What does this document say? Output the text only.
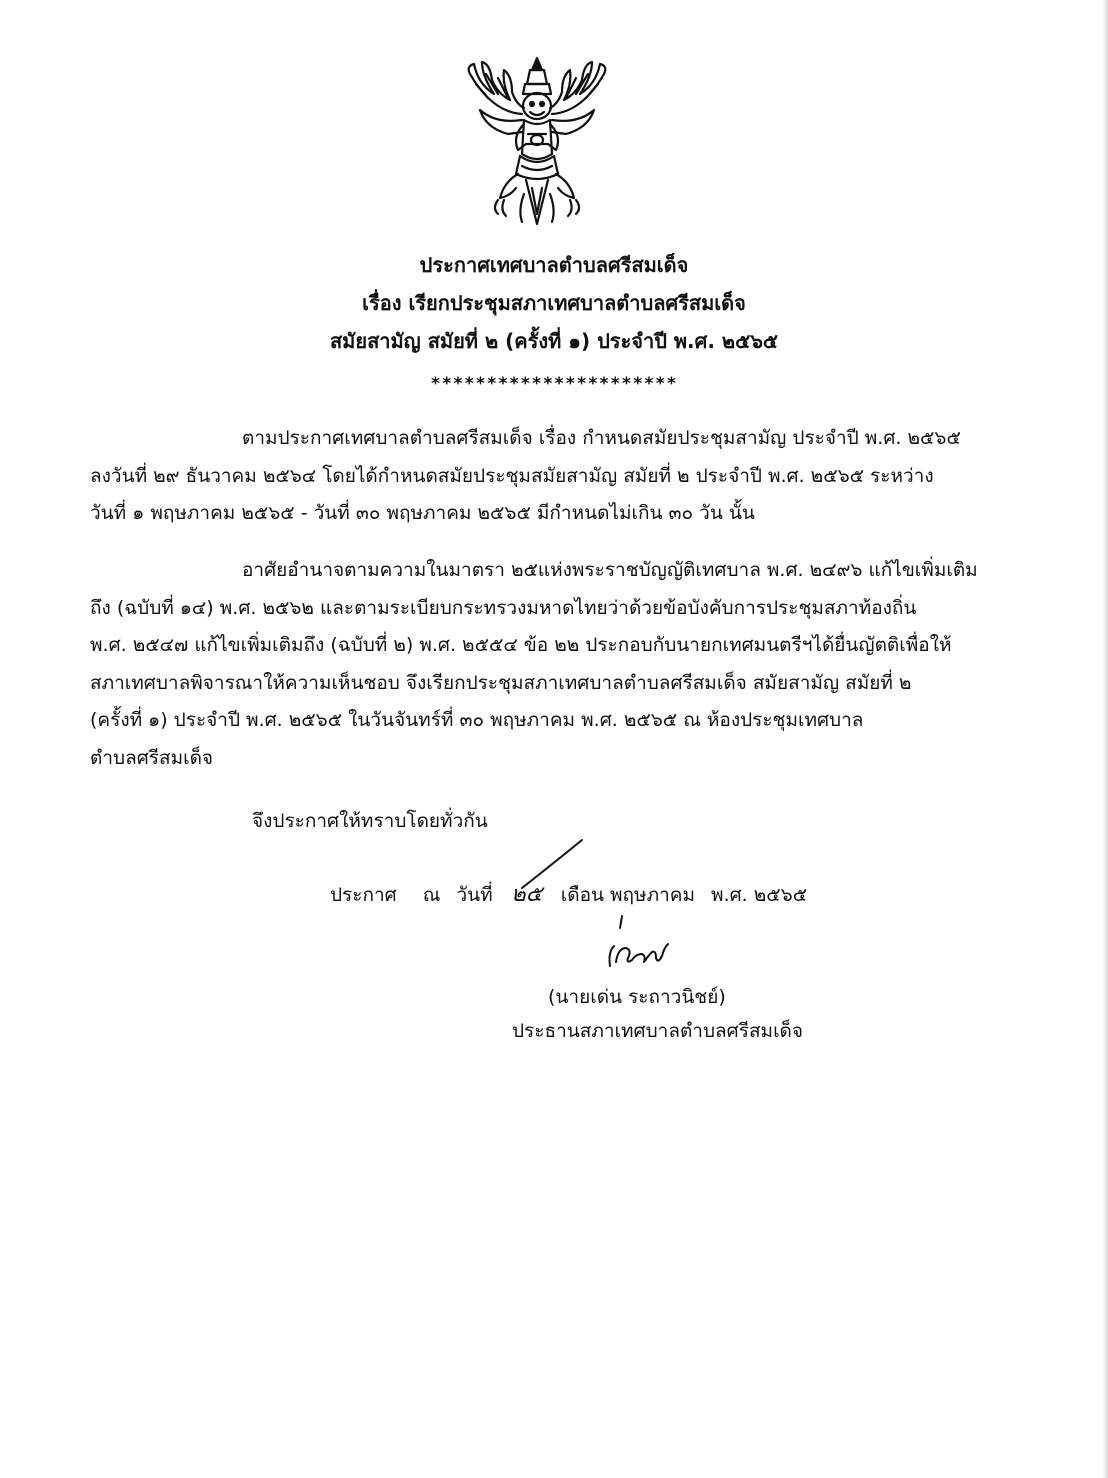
ประกาศเทศบาลตำบลศรีสมเด็จ
เรื่อง เรียกประชุมสภาเทศบาลตำบลศรีสมเด็จ
สมัยสามัญ สมัยที่ ๒ (ครั้งที่ ๑) ประจำปี พ.ศ. ๒๕๖๕
**********************
ตามประกาศเทศบาลตำบลศรีสมเด็จ เรื่อง กำหนดสมัยประชุมสามัญ ประจำปี พ.ศ. ๒๕๖๕
ลงวันที่ ๒๙ ธันวาคม ๒๕๖๔ โดยได้กำหนดสมัยประชุมสมัยสามัญ สมัยที่ ๒ ประจำปี พ.ศ. ๒๕๖๕ ระหว่าง
วันที่ ๑ พฤษภาคม ๒๕๖๕ - วันที่ ๓๐ พฤษภาคม ๒๕๖๕ มีกำหนดไม่เกิน ๓๐ วัน นั้น
อาศัยอำนาจตามความในมาตรา ๒๕แห่งพระราชบัญญัติเทศบาล พ.ศ. ๒๔๙๖ แก้ไขเพิ่มเติม
ถึง (ฉบับที่ ๑๔) พ.ศ. ๒๕๖๒ และตามระเบียบกระทรวงมหาดไทยว่าด้วยข้อบังคับการประชุมสภาท้องถิ่น
พ.ศ. ๒๕๔๗ แก้ไขเพิ่มเติมถึง (ฉบับที่ ๒) พ.ศ. ๒๕๕๔ ข้อ ๒๒ ประกอบกับนายกเทศมนตรีฯได้ยื่นญัตติเพื่อให้
สภาเทศบาลพิจารณาให้ความเห็นชอบ จึงเรียกประชุมสภาเทศบาลตำบลศรีสมเด็จ สมัยสามัญ สมัยที่ ๒
(ครั้งที่ ๑) ประจำปี พ.ศ. ๒๕๖๕ ในวันจันทร์ที่ ๓๐ พฤษภาคม พ.ศ. ๒๕๖๕ ณ ห้องประชุมเทศบาล
ตำบลศรีสมเด็จ
จึงประกาศให้ทราบโดยทั่วกัน
ประกาศ ณ วันที่ ๒๕ เดือน พฤษภาคม พ.ศ. ๒๕๖๕
(นายเด่น ระถาวนิชย์)
ประธานสภาเทศบาลตำบลศรีสมเด็จ
